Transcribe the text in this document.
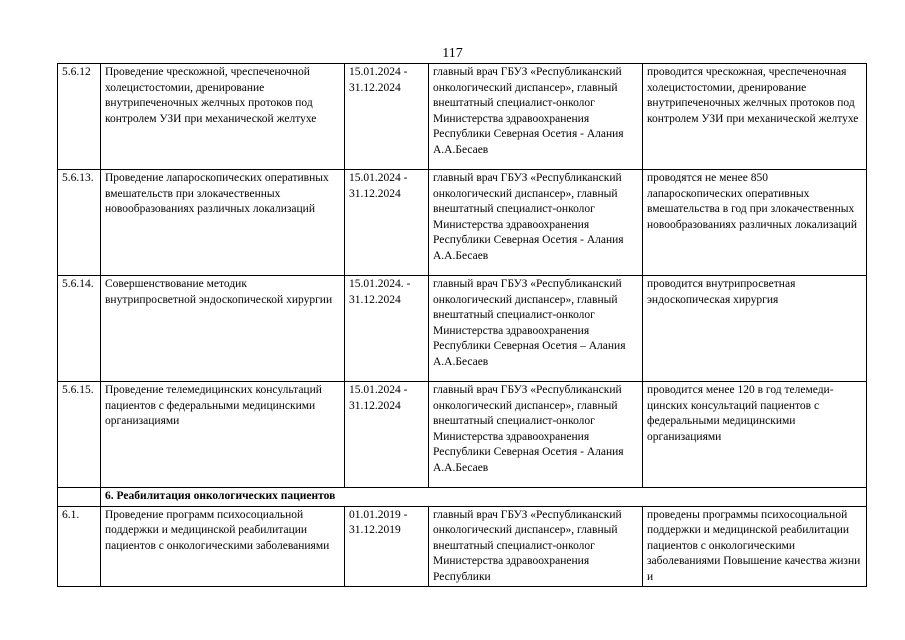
117
5.6.12	Проведение чрескожной, чреспеченочной холецистостомии, дренирование внутрипеченочных желчных протоков под контролем УЗИ при механической желтухе	15.01.2024 - 31.12.2024	главный врач ГБУЗ «Республиканский онкологический диспансер», главный внештатный специалист-онколог Министерства здравоохранения Республики Северная Осетия - Алания А.А.Бесаев	проводится чрескожная, чреспеченочная холецистостомии, дренирование внутрипеченочных желчных протоков под контролем УЗИ при механической желтухе
5.6.13.	Проведение лапароскопических оперативных вмешательств при злокачественных новообразованиях различных локализаций	15.01.2024 - 31.12.2024	главный врач ГБУЗ «Республиканский онкологический диспансер», главный внештатный специалист-онколог Министерства здравоохранения Республики Северная Осетия - Алания А.А.Бесаев	проводятся не менее 850 лапароскопических оперативных вмешательства в год при злокачественных новообразованиях различных локализаций
5.6.14.	Совершенствование методик внутрипросветной эндоскопической хирургии	15.01.2024. - 31.12.2024	главный врач ГБУЗ «Республиканский онкологический диспансер», главный внештатный специалист-онколог Министерства здравоохранения Республики Северная Осетия – Алания А.А.Бесаев	проводится внутрипросветная эндоскопическая хирургия
5.6.15.	Проведение телемедицинских консультаций пациентов с федеральными медицинскими организациями	15.01.2024 - 31.12.2024	главный врач ГБУЗ «Республиканский онкологический диспансер», главный внештатный специалист-онколог Министерства здравоохранения Республики Северная Осетия - Алания А.А.Бесаев	проводится менее 120 в год телемеди-цинских консультаций пациентов с федеральными медицинскими организациями
	6. Реабилитация онкологических пациентов			
6.1.	Проведение программ психосоциальной поддержки и медицинской реабилитации пациентов с онкологическими заболеваниями	01.01.2019 - 31.12.2019	главный врач ГБУЗ «Республиканский онкологический диспансер», главный внештатный специалист-онколог Министерства здравоохранения Республики	проведены программы психосоциальной поддержки и медицинской реабилитации пациентов с онкологическими заболеваниями Повышение качества жизни и
